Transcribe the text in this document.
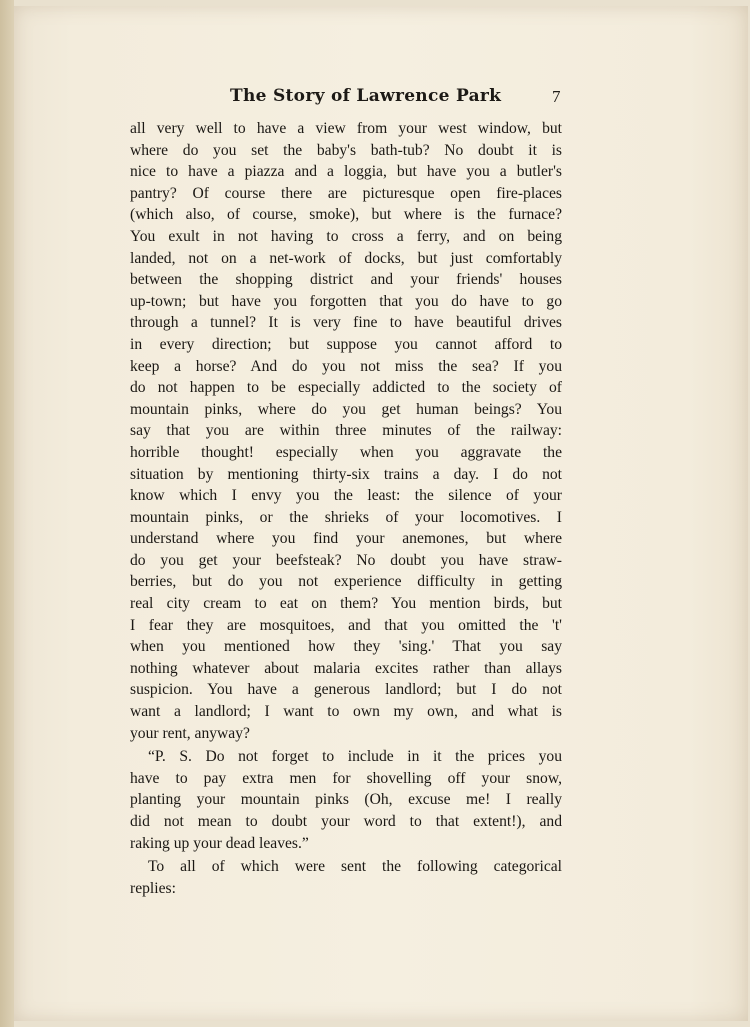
The Story of Lawrence Park	7
all very well to have a view from your west window, but
where do you set the baby's bath-tub? No doubt it is
nice to have a piazza and a loggia, but have you a butler's
pantry? Of course there are picturesque open fire-places
(which also, of course, smoke), but where is the furnace?
You exult in not having to cross a ferry, and on being
landed, not on a net-work of docks, but just comfortably
between the shopping district and your friends' houses
up-town; but have you forgotten that you do have to go
through a tunnel? It is very fine to have beautiful drives
in every direction; but suppose you cannot afford to
keep a horse? And do you not miss the sea? If you
do not happen to be especially addicted to the society of
mountain pinks, where do you get human beings? You
say that you are within three minutes of the railway:
horrible thought! especially when you aggravate the
situation by mentioning thirty-six trains a day. I do not
know which I envy you the least: the silence of your
mountain pinks, or the shrieks of your locomotives. I
understand where you find your anemones, but where
do you get your beefsteak? No doubt you have straw-
berries, but do you not experience difficulty in getting
real city cream to eat on them? You mention birds, but
I fear they are mosquitoes, and that you omitted the 't'
when you mentioned how they 'sing.' That you say
nothing whatever about malaria excites rather than allays
suspicion. You have a generous landlord; but I do not
want a landlord; I want to own my own, and what is
your rent, anyway?
“P. S. Do not forget to include in it the prices you
have to pay extra men for shovelling off your snow,
planting your mountain pinks (Oh, excuse me! I really
did not mean to doubt your word to that extent!), and
raking up your dead leaves.”
To all of which were sent the following categorical
replies:
